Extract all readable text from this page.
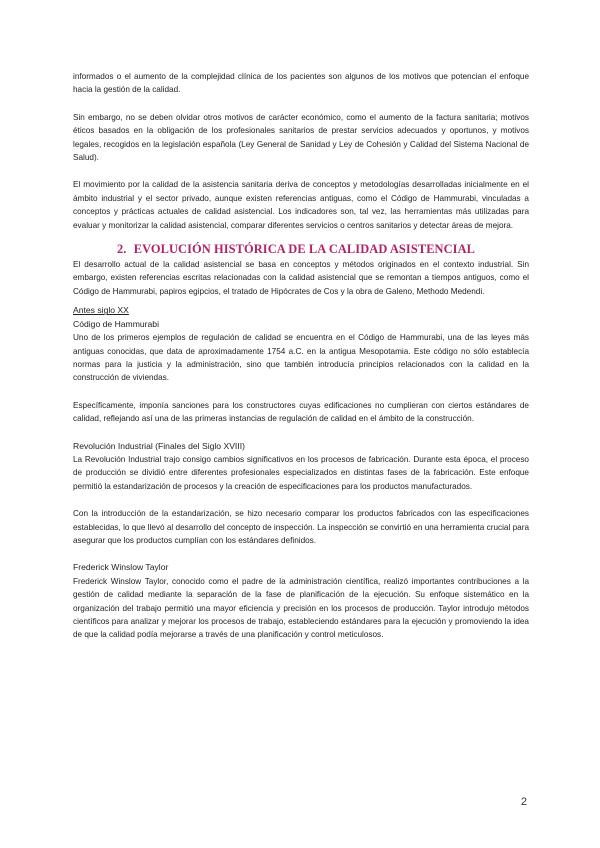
informados o el aumento de la complejidad clínica de los pacientes son algunos de los motivos que potencian el enfoque hacia la gestión de la calidad.

Sin embargo, no se deben olvidar otros motivos de carácter económico, como el aumento de la factura sanitaria; motivos éticos basados en la obligación de los profesionales sanitarios de prestar servicios adecuados y oportunos, y motivos legales, recogidos en la legislación española (Ley General de Sanidad y Ley de Cohesión y Calidad del Sistema Nacional de Salud).

El movimiento por la calidad de la asistencia sanitaria deriva de conceptos y metodologías desarrolladas inicialmente en el ámbito industrial y el sector privado, aunque existen referencias antiguas, como el Código de Hammurabi, vinculadas a conceptos y prácticas actuales de calidad asistencial. Los indicadores son, tal vez, las herramientas más utilizadas para evaluar y monitorizar la calidad asistencial, comparar diferentes servicios o centros sanitarios y detectar áreas de mejora.

2. EVOLUCIÓN HISTÓRICA DE LA CALIDAD ASISTENCIAL

El desarrollo actual de la calidad asistencial se basa en conceptos y métodos originados en el contexto industrial. Sin embargo, existen referencias escritas relacionadas con la calidad asistencial que se remontan a tiempos antiguos, como el Código de Hammurabi, papiros egipcios, el tratado de Hipócrates de Cos y la obra de Galeno, Methodo Medendi.

Antes siglo XX

Código de Hammurabi

Uno de los primeros ejemplos de regulación de calidad se encuentra en el Código de Hammurabi, una de las leyes más antiguas conocidas, que data de aproximadamente 1754 a.C. en la antigua Mesopotamia. Este código no sólo establecía normas para la justicia y la administración, sino que también introducía principios relacionados con la calidad en la construcción de viviendas.

Específicamente, imponía sanciones para los constructores cuyas edificaciones no cumplieran con ciertos estándares de calidad, reflejando así una de las primeras instancias de regulación de calidad en el ámbito de la construcción.

Revolución Industrial (Finales del Siglo XVIII)

La Revolución Industrial trajo consigo cambios significativos en los procesos de fabricación. Durante esta época, el proceso de producción se dividió entre diferentes profesionales especializados en distintas fases de la fabricación. Este enfoque permitió la estandarización de procesos y la creación de especificaciones para los productos manufacturados.

Con la introducción de la estandarización, se hizo necesario comparar los productos fabricados con las especificaciones establecidas, lo que llevó al desarrollo del concepto de inspección. La inspección se convirtió en una herramienta crucial para asegurar que los productos cumplían con los estándares definidos.

Frederick Winslow Taylor

Frederick Winslow Taylor, conocido como el padre de la administración científica, realizó importantes contribuciones a la gestión de calidad mediante la separación de la fase de planificación de la ejecución. Su enfoque sistemático en la organización del trabajo permitió una mayor eficiencia y precisión en los procesos de producción. Taylor introdujo métodos científicos para analizar y mejorar los procesos de trabajo, estableciendo estándares para la ejecución y promoviendo la idea de que la calidad podía mejorarse a través de una planificación y control meticulosos.

2
